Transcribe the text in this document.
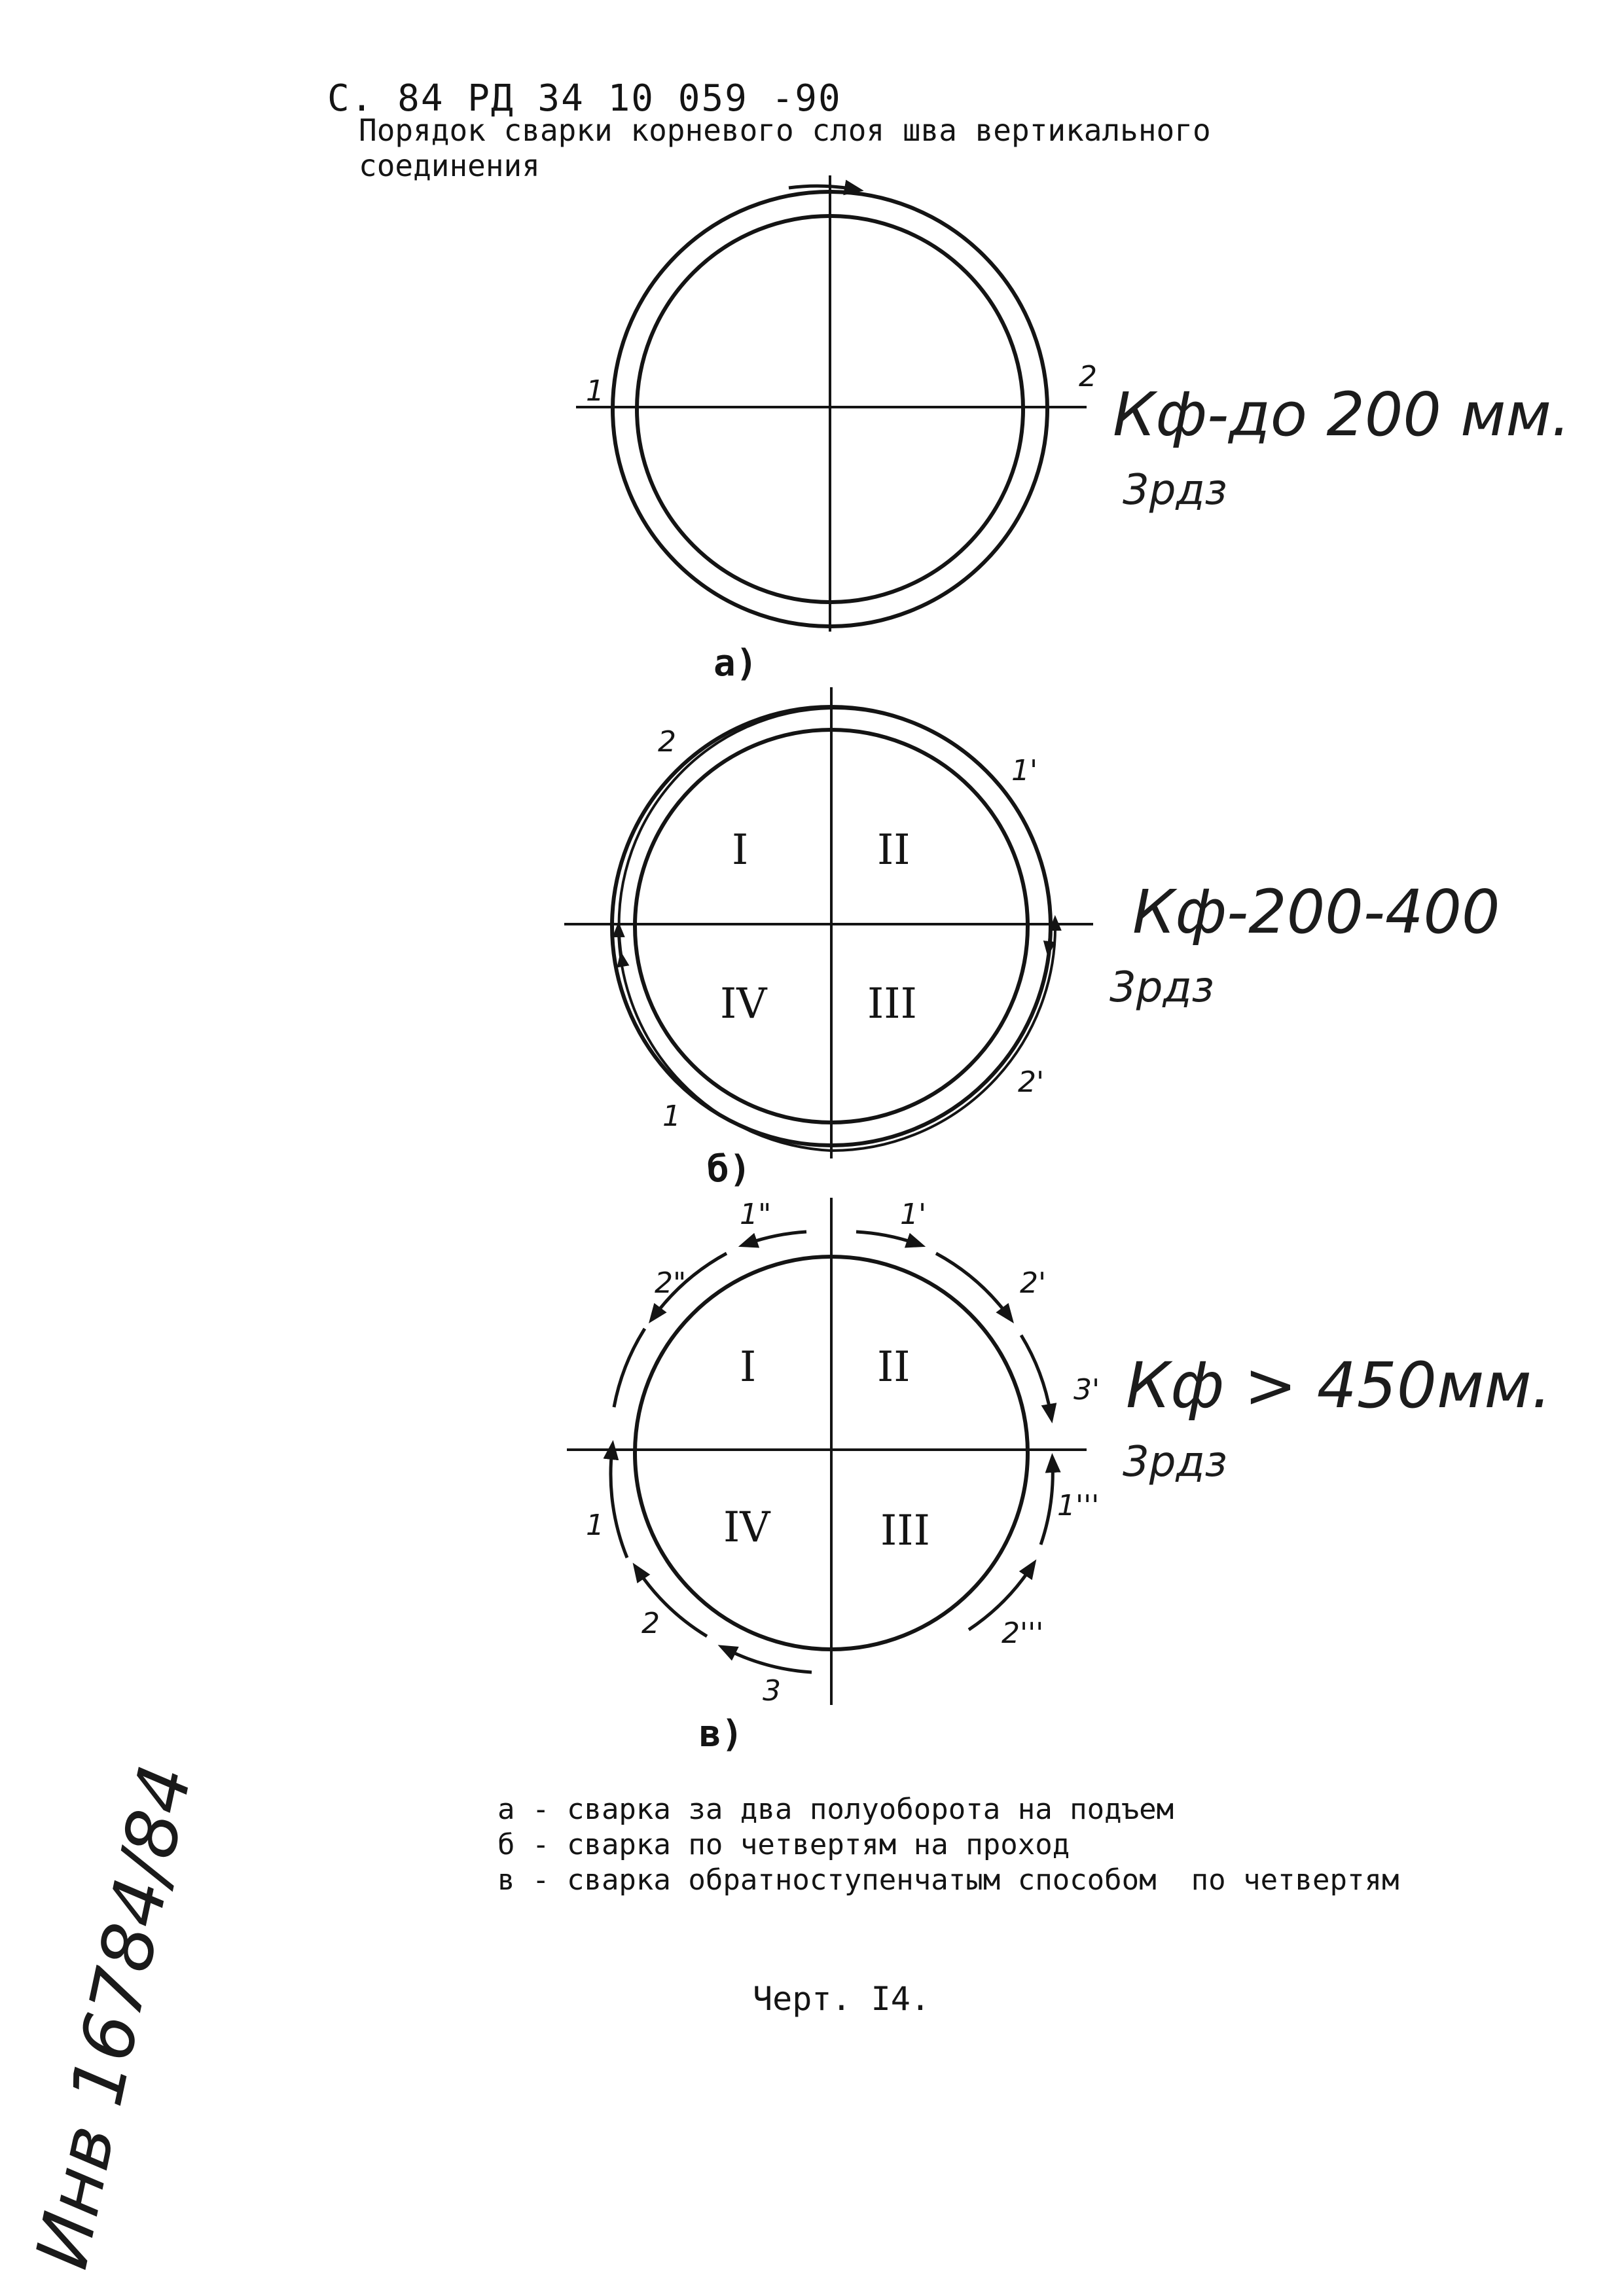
С. 84 РД 34 10 059 -90
Порядок сварки корневого слоя шва вертикального
соединения
1	2
а)
Кф-до 200 мм.
3рдз
2
1'
1
2'
I	II
III
IV
б)
Кф-200-400
3рдз
1"	1'
2"	2'
3'
1
1'''
2	2'''
3
I	II
III
IV
в)
Кф > 450мм.
3рдз
а - сварка за два полуоборота на подъем
б - сварка по четвертям на проход
в - сварка обратноступенчатым способом  по четвертям
Черт. I4.
Инв 16784/84
